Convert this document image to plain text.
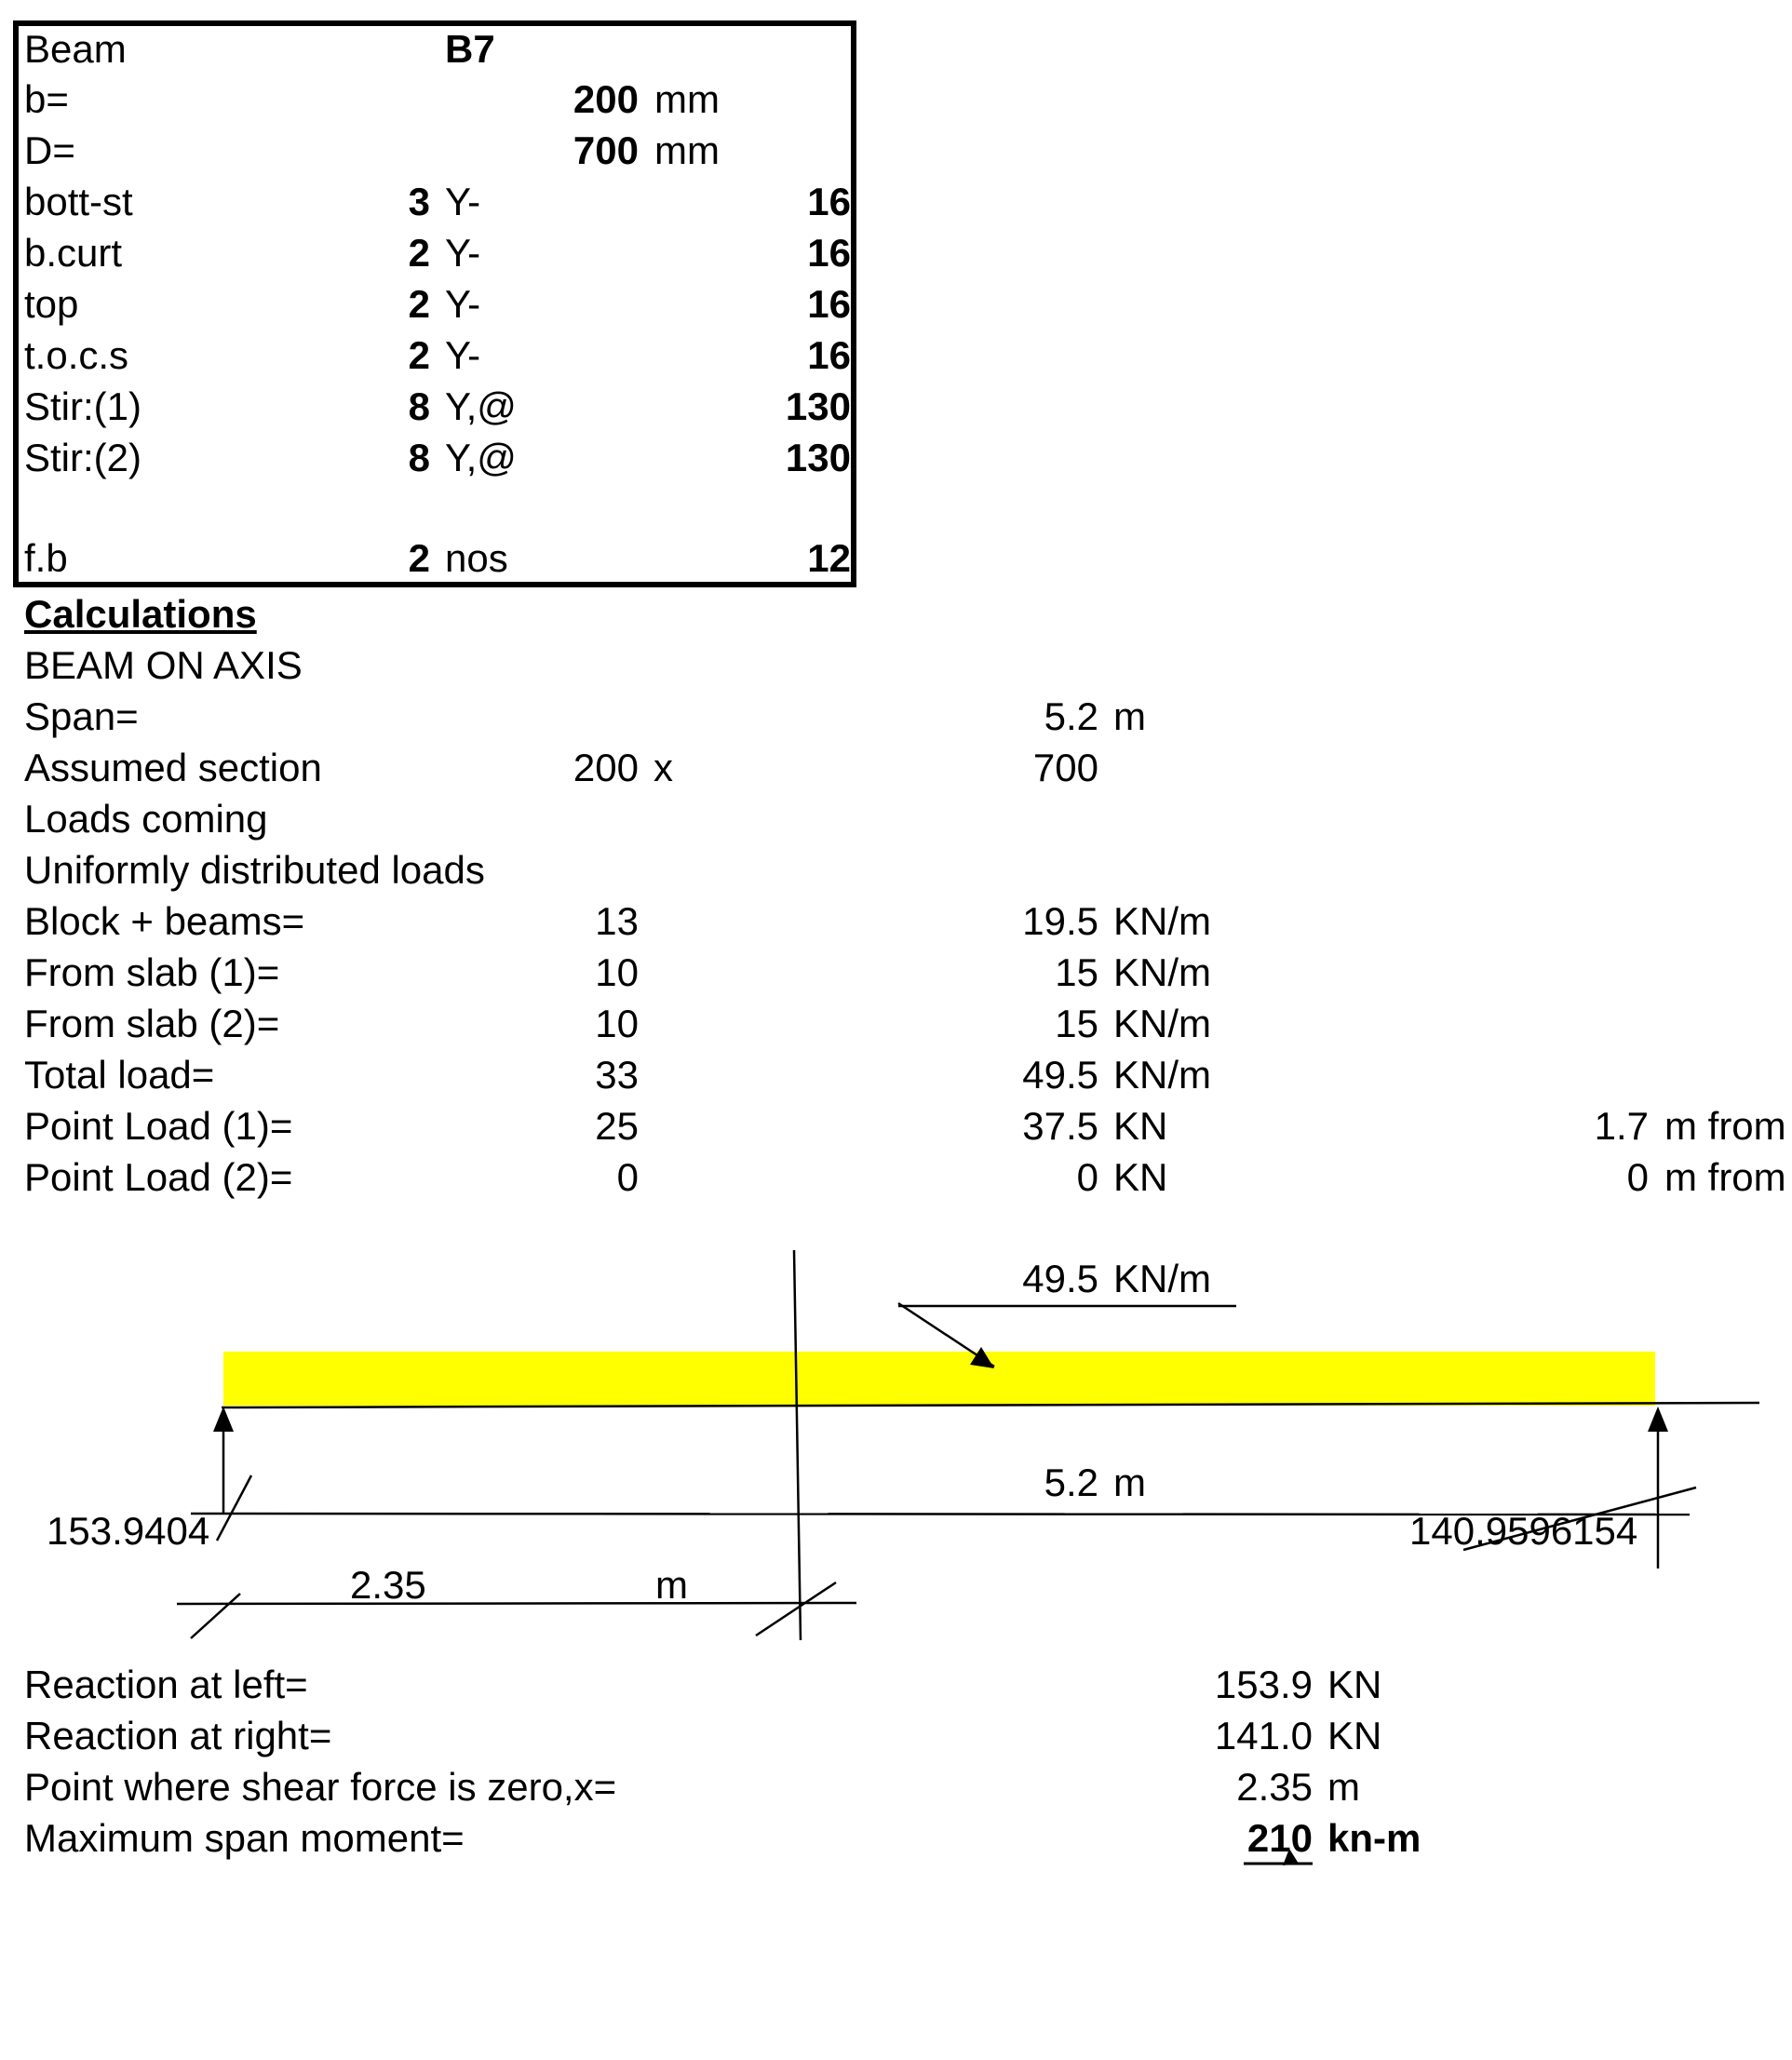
Beam	B7
b=	200 mm
D=	700 mm
bott-st	3 Y-	16
b.curt	2 Y-	16
top	2 Y-	16
t.o.c.s	2 Y-	16
Stir:(1)	8 Y,@	130
Stir:(2)	8 Y,@	130
f.b	2 nos	12
Calculations
BEAM ON AXIS
Span=	5.2 m
Assumed section	200 x	700
Loads coming
Uniformly distributed loads
Block + beams=	13	19.5 KN/m
From slab (1)=	10	15 KN/m
From slab (2)=	10	15 KN/m
Total load=	33	49.5 KN/m
Point Load (1)=	25	37.5 KN	1.7 m from
Point Load (2)=	0	0 KN	0 m from
49.5 KN/m
5.2 m
153.9404	140.9596154
2.35	m
Reaction at left=	153.9 KN
Reaction at right=	141.0 KN
Point where shear force is zero,x=	2.35 m
Maximum span moment=	210 kn-m
